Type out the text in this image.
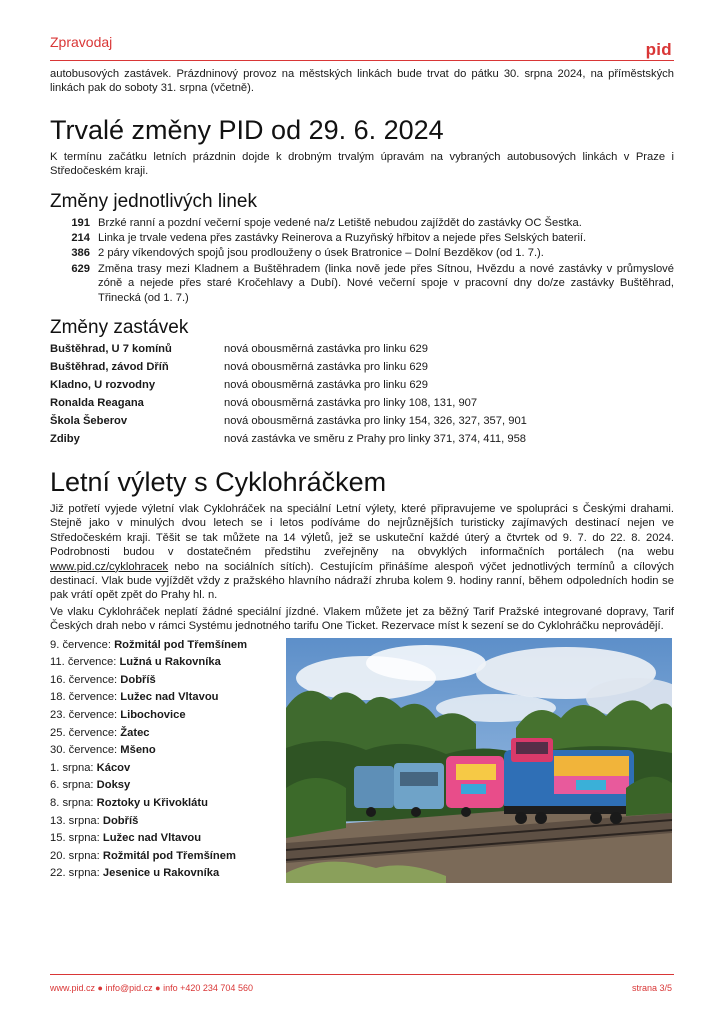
Zpravodaj	pid

autobusových zastávek. Prázdninový provoz na městských linkách bude trvat do pátku 30. srpna 2024, na příměstských linkách pak do soboty 31. srpna (včetně).

Trvalé změny PID od 29. 6. 2024

K termínu začátku letních prázdnin dojde k drobným trvalým úpravám na vybraných autobusových linkách v Praze i Středočeském kraji.

Změny jednotlivých linek
191 Brzké ranní a pozdní večerní spoje vedené na/z Letiště nebudou zajíždět do zastávky OC Šestka.
214 Linka je trvale vedena přes zastávky Reinerova a Ruzyňský hřbitov a nejede přes Selských baterií.
386 2 páry víkendových spojů jsou prodlouženy o úsek Bratronice – Dolní Bezděkov (od 1. 7.).
629 Změna trasy mezi Kladnem a Buštěhradem (linka nově jede přes Sítnou, Hvězdu a nové zastávky v průmyslové zóně a nejede přes staré Kročehlavy a Dubí). Nové večerní spoje v pracovní dny do/ze zastávky Buštěhrad, Třinecká (od 1. 7.)
Změny zastávek
Buštěhrad, U 7 komínů	nová obousměrná zastávka pro linku 629
Buštěhrad, závod Dříň	nová obousměrná zastávka pro linku 629
Kladno, U rozvodny	nová obousměrná zastávka pro linku 629
Ronalda Reagana	nová obousměrná zastávka pro linky 108, 131, 907
Škola Šeberov	nová obousměrná zastávka pro linky 154, 326, 327, 357, 901
Zdiby	nová zastávka ve směru z Prahy pro linky 371, 374, 411, 958
Letní výlety s Cyklohráčkem

Již potřetí vyjede výletní vlak Cyklohráček na speciální Letní výlety, které připravujeme ve spolupráci s Českými drahami. Stejně jako v minulých dvou letech se i letos podíváme do nejrůznějších turisticky zajímavých destinací nejen ve Středočeském kraji. Těšit se tak můžete na 14 výletů, jež se uskuteční každé úterý a čtvrtek od 9. 7. do 22. 8. 2024. Podrobnosti budou v dostatečném předstihu zveřejněny na obvyklých informačních portálech (na webu www.pid.cz/cyklohracek nebo na sociálních sítích). Cestujícím přinášíme alespoň výčet jednotlivých termínů a cílových destinací. Vlak bude vyjíždět vždy z pražského hlavního nádraží zhruba kolem 9. hodiny ranní, během odpoledních hodin se pak vrátí opět zpět do Prahy hl. n.

Ve vlaku Cyklohráček neplatí žádné speciální jízdné. Vlakem můžete jet za běžný Tarif Pražské integrované dopravy, Tarif Českých drah nebo v rámci Systému jednotného tarifu One Ticket. Rezervace míst k sezení se do Cyklohráčku neprovádějí.

9. července: Rožmitál pod Třemšínem
11. července: Lužná u Rakovníka
16. července: Dobříš
18. července: Lužec nad Vltavou
23. července: Libochovice
25. července: Žatec
30. července: Mšeno
1. srpna: Kácov
6. srpna: Doksy
8. srpna: Roztoky u Křivoklátu
13. srpna: Dobříš
15. srpna: Lužec nad Vltavou
20. srpna: Rožmitál pod Třemšínem
22. srpna: Jesenice u Rakovníka
www.pid.cz ● info@pid.cz ● info +420 234 704 560	strana 3/5
